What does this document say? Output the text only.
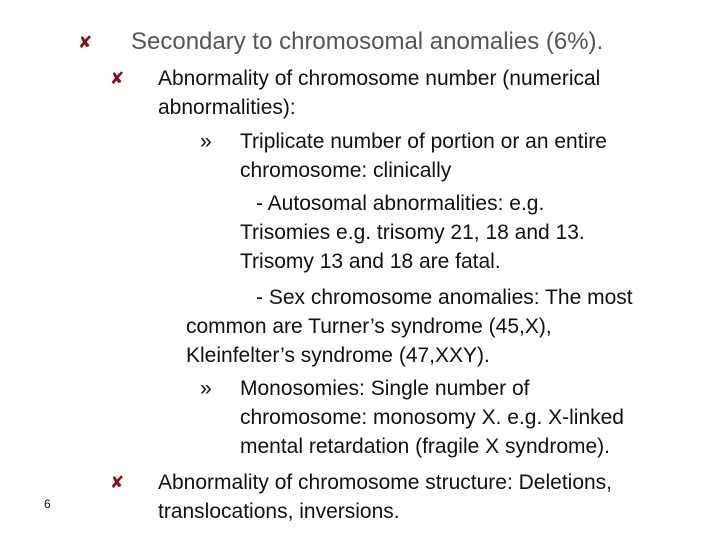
✘ Secondary to chromosomal anomalies (6%).
✘ Abnormality of chromosome number (numerical
abnormalities):
» Triplicate number of portion or an entire
chromosome: clinically
- Autosomal abnormalities: e.g.
Trisomies e.g. trisomy 21, 18 and 13.
Trisomy 13 and 18 are fatal.
- Sex chromosome anomalies: The most
common are Turner’s syndrome (45,X),
Kleinfelter’s syndrome (47,XXY).
» Monosomies: Single number of
chromosome: monosomy X. e.g. X-linked
mental retardation (fragile X syndrome).
✘ Abnormality of chromosome structure: Deletions,
translocations, inversions.
6
